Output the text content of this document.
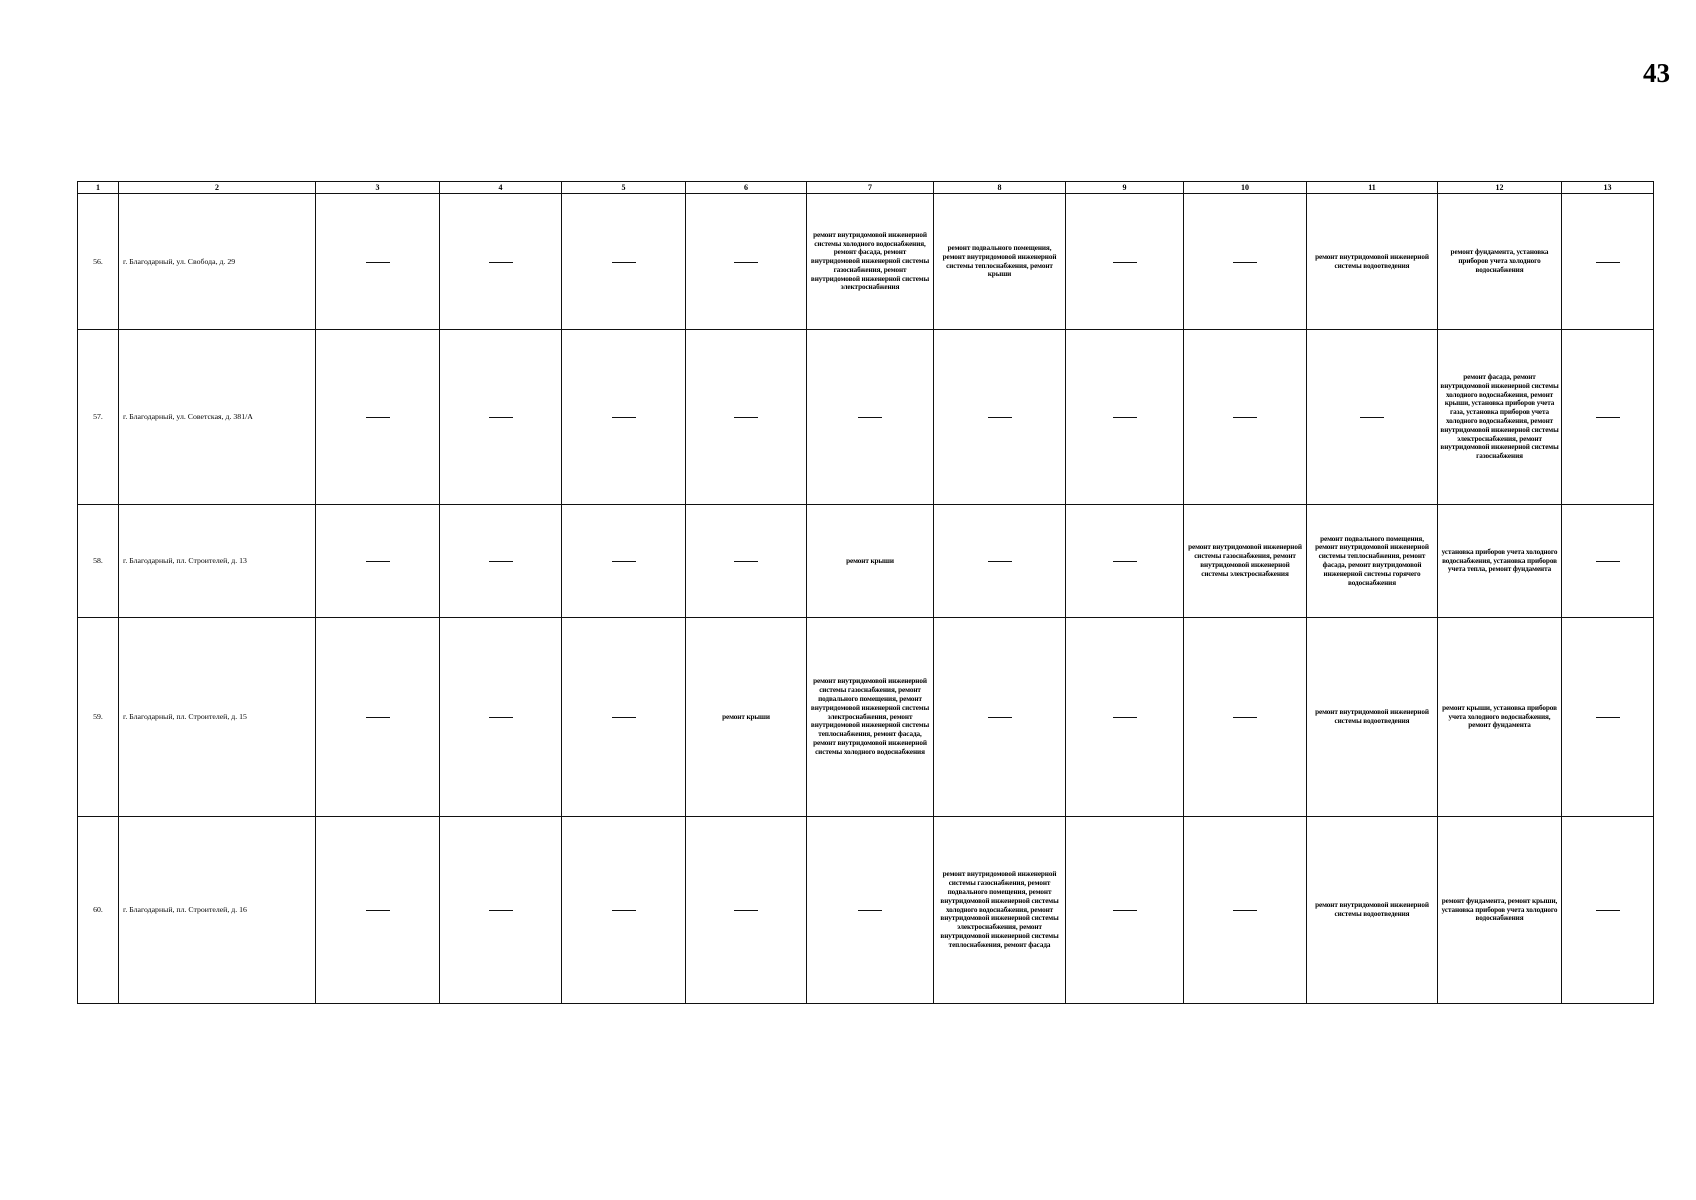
43
1	2	3	4	5	6	7	8	9	10	11	12	13
56.	г. Благодарный, ул. Свобода, д. 29					ремонт внутридомовой инженерной системы холодного водоснабжения, ремонт фасада, ремонт внутридомовой инженерной системы газоснабжения, ремонт внутридомовой инженерной системы электроснабжения	ремонт подвального помещения, ремонт внутридомовой инженерной системы теплоснабжения, ремонт крыши			ремонт внутридомовой инженерной системы водоотведения	ремонт фундамента, установка приборов учета холодного водоснабжения	
57.	г. Благодарный, ул. Советская, д. 381/А										ремонт фасада, ремонт внутридомовой инженерной системы холодного водоснабжения, ремонт крыши, установка приборов учета газа, установка приборов учета холодного водоснабжения, ремонт внутридомовой инженерной системы электроснабжения, ремонт внутридомовой инженерной системы газоснабжения	
58.	г. Благодарный, пл. Строителей, д. 13					ремонт крыши			ремонт внутридомовой инженерной системы газоснабжения, ремонт внутридомовой инженерной системы электроснабжения	ремонт подвального помещения, ремонт внутридомовой инженерной системы теплоснабжения, ремонт фасада, ремонт внутридомовой инженерной системы горячего водоснабжения	установка приборов учета холодного водоснабжения, установка приборов учета тепла, ремонт фундамента	
59.	г. Благодарный, пл. Строителей, д. 15				ремонт крыши	ремонт внутридомовой инженерной системы газоснабжения, ремонт подвального помещения, ремонт внутридомовой инженерной системы электроснабжения, ремонт внутридомовой инженерной системы теплоснабжения, ремонт фасада, ремонт внутридомовой инженерной системы холодного водоснабжения				ремонт внутридомовой инженерной системы водоотведения	ремонт крыши, установка приборов учета холодного водоснабжения, ремонт фундамента	
60.	г. Благодарный, пл. Строителей, д. 16						ремонт внутридомовой инженерной системы газоснабжения, ремонт подвального помещения, ремонт внутридомовой инженерной системы холодного водоснабжения, ремонт внутридомовой инженерной системы электроснабжения, ремонт внутридомовой инженерной системы теплоснабжения, ремонт фасада			ремонт внутридомовой инженерной системы водоотведения	ремонт фундамента, ремонт крыши, установка приборов учета холодного водоснабжения	
